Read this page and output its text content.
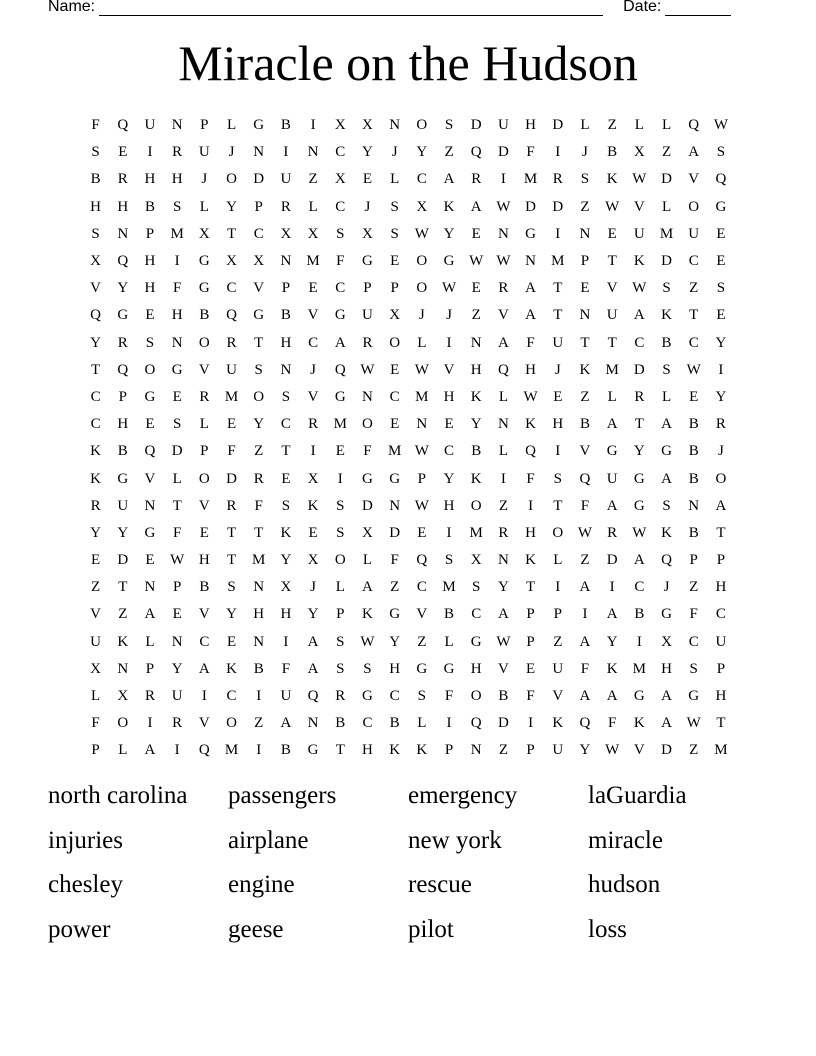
Name:	Date:
Miracle on the Hudson
F	Q	U	N	P	L	G	B	I	X	X	N	O	S	D	U	H	D	L	Z	L	L	Q W
S	E	I	R	U	J	N	I	N	C	Y	J	Y	Z	Q	D	F	I	J	B	X	Z	A	S
B	R	H	H	J	O	D	U	Z	X	E	L	C	A	R	I	M	R	S	K W D	V	Q
H	H	B	S	L	Y	P	R	L	C	J	S	X	K	A W D	D	Z	W V	L	O	G
S	N	P	M	X	T	C	X	X	S	X	S	W Y	E	N	G	I	N	E	U	M	U	E
X	Q	H	I	G	X	X	N	M	F	G	E	O	G W W N	M	P	T	K	D	C	E
V	Y	H	F	G	C	V	P	E	C	P	P	O W	E	R	A	T	E	V W	S	Z	S
Q	G	E	H	B	Q	G	B	V	G	U	X	J	J	Z	V	A	T	N	U	A	K	T	E
Y	R	S	N	O	R	T	H	C	A	R	O	L	I	N	A	F	U	T	T	C	B	C	Y
T	Q	O	G	V	U	S	N	J	Q W	E	W V	H	Q	H	J	K	M	D	S	W	I
C	P	G	E	R	M	O	S	V	G	N	C	M	H	K	L	W	E	Z	L	R	L	E	Y
C	H	E	S	L	E	Y	C	R	M	O	E	N	E	Y	N	K	H	B	A	T	A	B	R
K	B	Q	D	P	F	Z	T	I	E	F	M W	C	B	L	Q	I	V	G	Y	G	B	J
K	G	V	L	O	D	R	E	X	I	G	G	P	Y	K	I	F	S	Q	U	G	A	B	O
R	U	N	T	V	R	F	S	K	S	D	N W H	O	Z	I	T	F	A	G	S	N	A
Y	Y	G	F	E	T	T	K	E	S	X	D	E	I	M	R	H	O W	R	W K	B	T
E	D	E	W H	T	M	Y	X	O	L	F	Q	S	X	N	K	L	Z	D	A	Q	P	P
Z	T	N	P	B	S	N	X	J	L	A	Z	C	M	S	Y	T	I	A	I	C	J	Z	H
V	Z	A	E	V	Y	H	H	Y	P	K	G	V	B	C	A	P	P	I	A	B	G	F	C
U	K	L	N	C	E	N	I	A	S	W Y	Z	L	G W	P	Z	A	Y	I	X	C	U
X	N	P	Y	A	K	B	F	A	S	S	H	G	G	H	V	E	U	F	K	M	H	S	P
L	X	R	U	I	C	I	U	Q	R	G	C	S	F	O	B	F	V	A	A	G	A	G	H
F	O	I	R	V	O	Z	A	N	B	C	B	L	I	Q	D	I	K	Q	F	K	A W	T
P	L	A	I	Q	M	I	B	G	T	H	K	K	P	N	Z	P	U	Y W V	D	Z	M
north carolina	passengers	emergency	laGuardia
injuries	airplane	new york	miracle
chesley	engine	rescue	hudson
power	geese	pilot	loss
